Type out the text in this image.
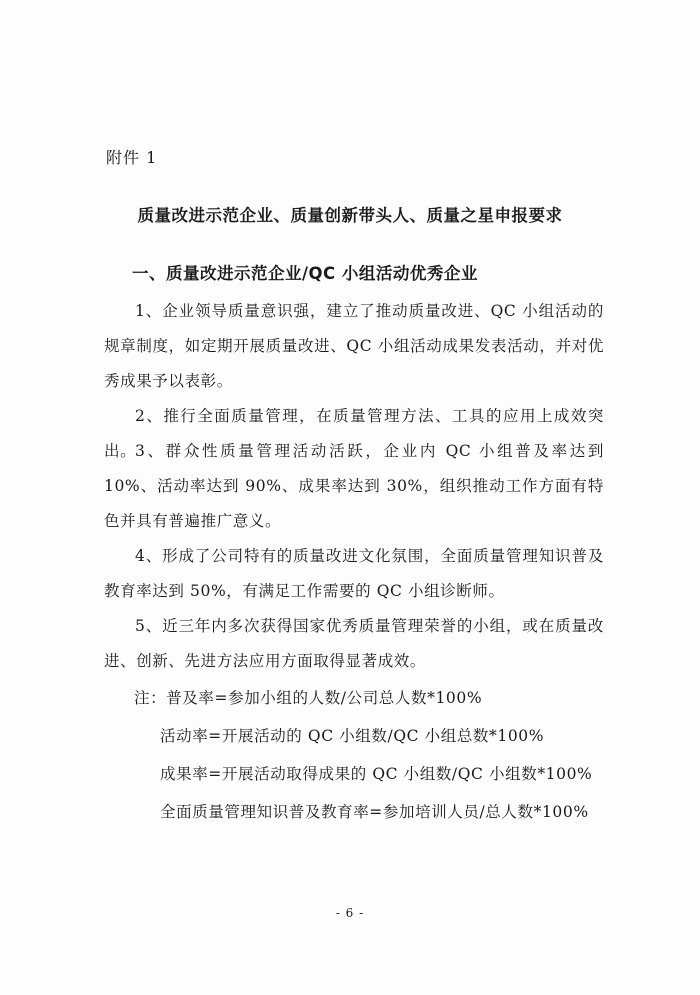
附件 1
质量改进示范企业、质量创新带头人、质量之星申报要求
一、质量改进示范企业/QC 小组活动优秀企业
1、企业领导质量意识强，建立了推动质量改进、QC 小组活动的规章制度，如定期开展质量改进、QC 小组活动成果发表活动，并对优秀成果予以表彰。
2、推行全面质量管理，在质量管理方法、工具的应用上成效突出。
3、群众性质量管理活动活跃，企业内 QC 小组普及率达到 10%、活动率达到 90%、成果率达到 30%，组织推动工作方面有特色并具有普遍推广意义。
4、形成了公司特有的质量改进文化氛围，全面质量管理知识普及教育率达到 50%，有满足工作需要的 QC 小组诊断师。
5、近三年内多次获得国家优秀质量管理荣誉的小组，或在质量改进、创新、先进方法应用方面取得显著成效。
注：普及率=参加小组的人数/公司总人数*100%
活动率=开展活动的 QC 小组数/QC 小组总数*100%
成果率=开展活动取得成果的 QC 小组数/QC 小组数*100%
全面质量管理知识普及教育率=参加培训人员/总人数*100%
- 6 -
